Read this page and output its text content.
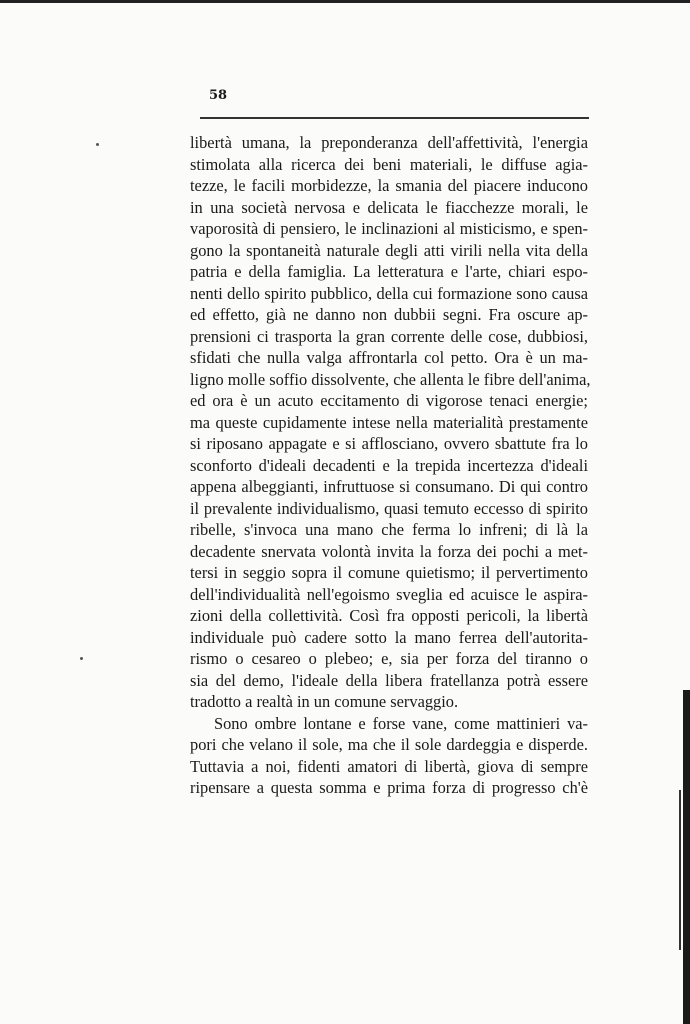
58
libertà umana, la preponderanza dell'affettività, l'energia
stimolata alla ricerca dei beni materiali, le diffuse agia-
tezze, le facili morbidezze, la smania del piacere inducono
in una società nervosa e delicata le fiacchezze morali, le
vaporosità di pensiero, le inclinazioni al misticismo, e spen-
gono la spontaneità naturale degli atti virili nella vita della
patria e della famiglia. La letteratura e l'arte, chiari espo-
nenti dello spirito pubblico, della cui formazione sono causa
ed effetto, già ne danno non dubbii segni. Fra oscure ap-
prensioni ci trasporta la gran corrente delle cose, dubbiosi,
sfidati che nulla valga affrontarla col petto. Ora è un ma-
ligno molle soffio dissolvente, che allenta le fibre dell'anima,
ed ora è un acuto eccitamento di vigorose tenaci energie;
ma queste cupidamente intese nella materialità prestamente
si riposano appagate e si afflosciano, ovvero sbattute fra lo
sconforto d'ideali decadenti e la trepida incertezza d'ideali
appena albeggianti, infruttuose si consumano. Di qui contro
il prevalente individualismo, quasi temuto eccesso di spirito
ribelle, s'invoca una mano che ferma lo infreni; di là la
decadente snervata volontà invita la forza dei pochi a met-
tersi in seggio sopra il comune quietismo; il pervertimento
dell'individualità nell'egoismo sveglia ed acuisce le aspira-
zioni della collettività. Così fra opposti pericoli, la libertà
individuale può cadere sotto la mano ferrea dell'autorita-
rismo o cesareo o plebeo; e, sia per forza del tiranno o
sia del demo, l'ideale della libera fratellanza potrà essere
tradotto a realtà in un comune servaggio.
Sono ombre lontane e forse vane, come mattinieri va-
pori che velano il sole, ma che il sole dardeggia e disperde.
Tuttavia a noi, fidenti amatori di libertà, giova di sempre
ripensare a questa somma e prima forza di progresso ch'è
